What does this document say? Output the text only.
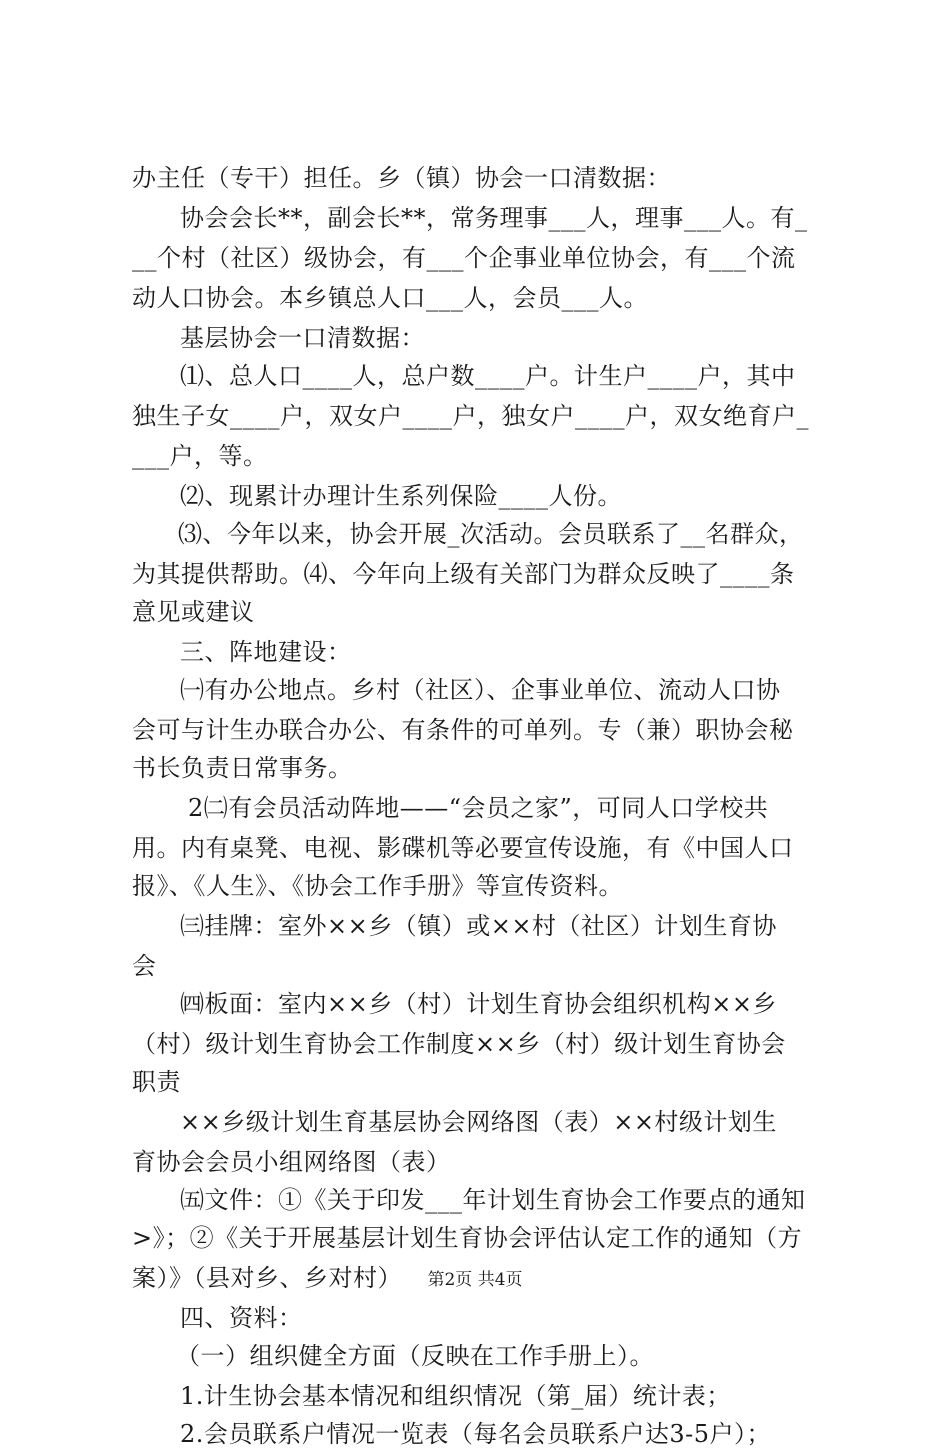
办主任（专干）担任。乡（镇）协会一口清数据：
协会会长**，副会长**，常务理事___人，理事___人。有_
__个村（社区）级协会，有___个企事业单位协会，有___个流
动人口协会。本乡镇总人口___人，会员___人。
基层协会一口清数据：
⑴、总人口____人，总户数____户。计生户____户，其中
独生子女____户，双女户____户，独女户____户，双女绝育户_
___户，等。
⑵、现累计办理计生系列保险____人份。
⑶、今年以来，协会开展_次活动。会员联系了__名群众，
为其提供帮助。⑷、今年向上级有关部门为群众反映了____条
意见或建议
三、阵地建设：
㈠有办公地点。乡村（社区）、企事业单位、流动人口协
会可与计生办联合办公、有条件的可单列。专（兼）职协会秘
书长负责日常事务。
2㈡有会员活动阵地——“会员之家”，可同人口学校共
用。内有桌凳、电视、影碟机等必要宣传设施，有《中国人口
报》、《人生》、《协会工作手册》等宣传资料。
㈢挂牌：室外××乡（镇）或××村（社区）计划生育协
会
㈣板面：室内××乡（村）计划生育协会组织机构××乡
（村）级计划生育协会工作制度××乡（村）级计划生育协会
职责
××乡级计划生育基层协会网络图（表）××村级计划生
育协会会员小组网络图（表）
㈤文件：①《关于印发___年计划生育协会工作要点的通知
>》；②《关于开展基层计划生育协会评估认定工作的通知（方
案）》（县对乡、乡对村）
四、资料：
（一）组织健全方面（反映在工作手册上）。
1.计生协会基本情况和组织情况（第_届）统计表；
2.会员联系户情况一览表（每名会员联系户达3-5户）；
第2页 共4页
